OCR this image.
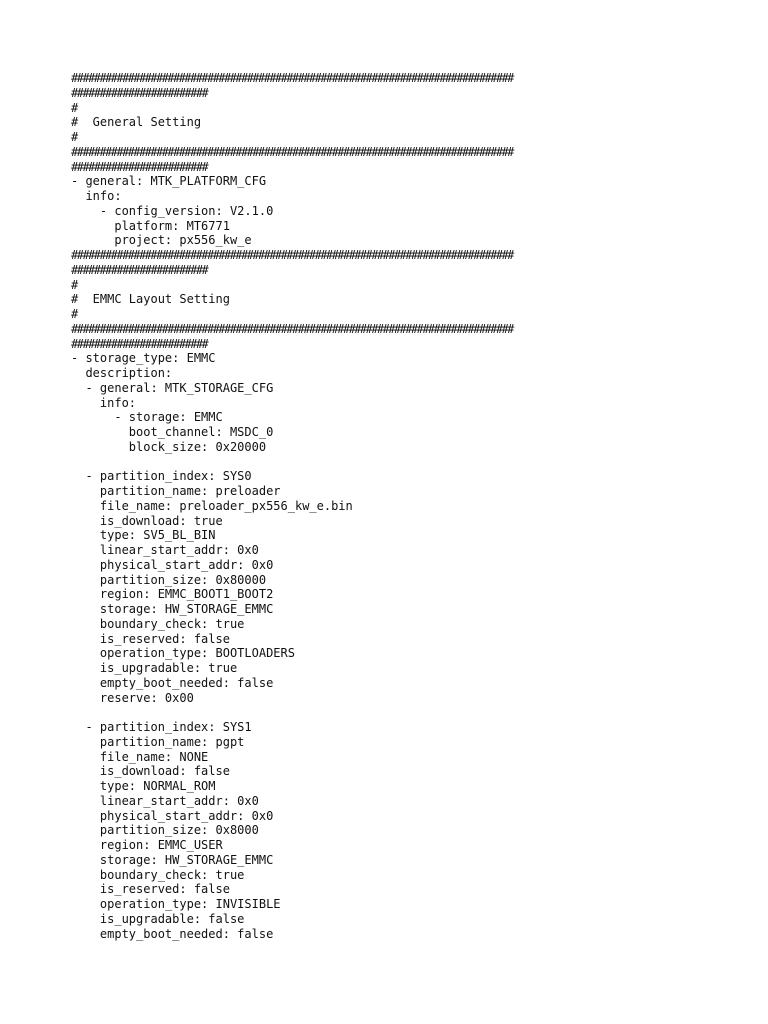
##############################################################################
########################
#
#  General Setting
#
##############################################################################
########################
- general: MTK_PLATFORM_CFG
info:
- config_version: V2.1.0
platform: MT6771
project: px556_kw_e
##############################################################################
########################
#
#  EMMC Layout Setting
#
##############################################################################
########################
- storage_type: EMMC
description:
- general: MTK_STORAGE_CFG
info:
- storage: EMMC
boot_channel: MSDC_0
block_size: 0x20000
- partition_index: SYS0
partition_name: preloader
file_name: preloader_px556_kw_e.bin
is_download: true
type: SV5_BL_BIN
linear_start_addr: 0x0
physical_start_addr: 0x0
partition_size: 0x80000
region: EMMC_BOOT1_BOOT2
storage: HW_STORAGE_EMMC
boundary_check: true
is_reserved: false
operation_type: BOOTLOADERS
is_upgradable: true
empty_boot_needed: false
reserve: 0x00
- partition_index: SYS1
partition_name: pgpt
file_name: NONE
is_download: false
type: NORMAL_ROM
linear_start_addr: 0x0
physical_start_addr: 0x0
partition_size: 0x8000
region: EMMC_USER
storage: HW_STORAGE_EMMC
boundary_check: true
is_reserved: false
operation_type: INVISIBLE
is_upgradable: false
empty_boot_needed: false
